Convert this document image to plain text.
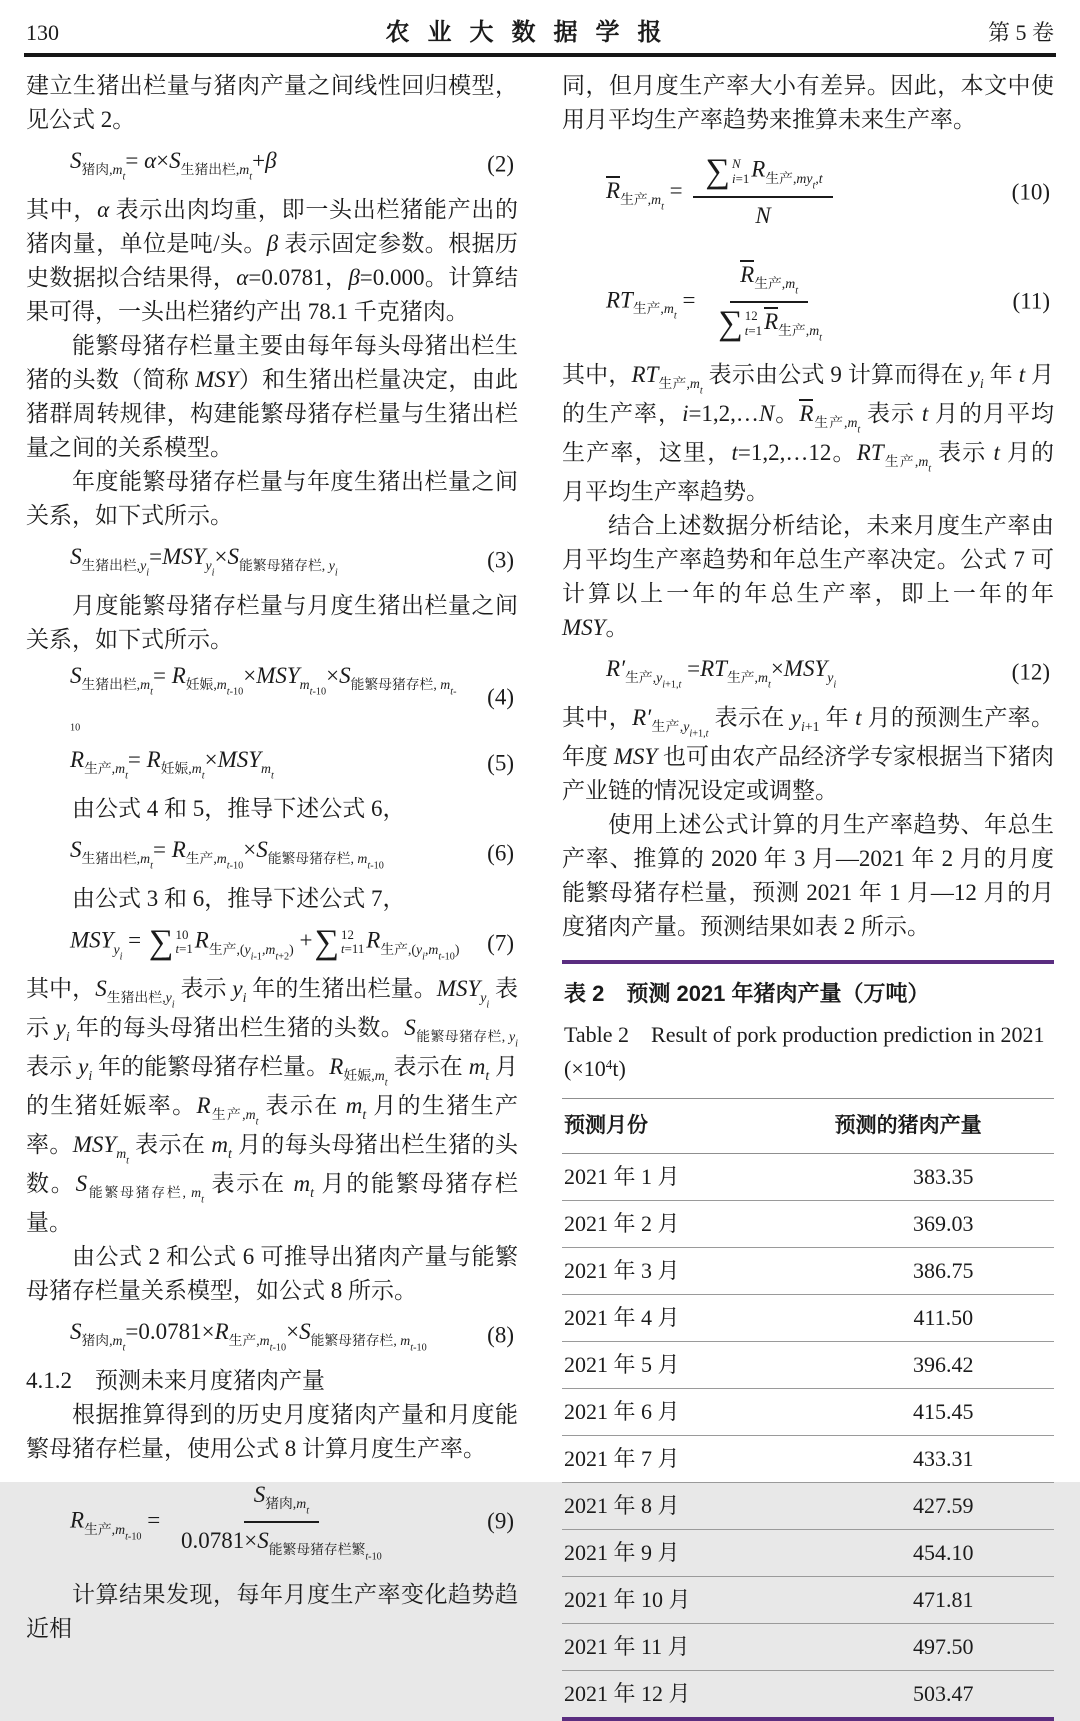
130	农业大数据学报	第 5 卷

建立生猪出栏量与猪肉产量之间线性回归模型，见公式 2。

$S_{猪肉,m_t}= \alpha\times S_{生猪出栏,m_t}+\beta$	(2)

其中，α 表示出肉均重，即一头出栏猪能产出的猪肉量，单位是吨/头。β 表示固定参数。根据历史数据拟合结果得，α=0.0781，β=0.000。计算结果可得，一头出栏猪约产出 78.1 千克猪肉。

能繁母猪存栏量主要由每年每头母猪出栏生猪的头数（简称 MSY）和生猪出栏量决定，由此猪群周转规律，构建能繁母猪存栏量与生猪出栏量之间的关系模型。

年度能繁母猪存栏量与年度生猪出栏量之间关系，如下式所示。

$S_{生猪出栏,y_i}=MSY_{y_i}\times S_{能繁母猪存栏, y_i}$
(3)

月度能繁母猪存栏量与月度生猪出栏量之间关系，如下式所示。

$S_{生猪出栏,m_t}= R_{妊娠,m_{t-10}}\times MSY_{m_{t-10}}\times S_{能繁母猪存栏, m_{t-10}}$
(4)
$R_{生产,m_t}= R_{妊娠,m_t}\times MSY_{m_t}$
(5)

由公式 4 和 5，推导下述公式 6，

$S_{生猪出栏,m_t}= R_{生产,m_{t-10}}\times S_{能繁母猪存栏, m_{t-10}}$
(6)

由公式 3 和 6，推导下述公式 7，

$MSY_{y_i}$ = ∑ 10
t=1 $R_{生产,(y_{i-1},m_{t+2})}$ + ∑ 12
t=11 $R_{生产,(y_i,m_{t-10})}$ (7)

其中，$S_{生猪出栏,y_i}$ 表示 $y_i$ 年的生猪出栏量。$MSY_{y_i}$ 表示 $y_i$ 年的每头母猪出栏生猪的头数。$S_{能繁母猪存栏, y_i}$ 表示 $y_i$ 年的能繁母猪存栏量。$R_{妊娠,m_t}$ 表示在 $m_t$ 月的生猪妊娠率。$R_{生产,m_t}$ 表示在 $m_t$ 月的生猪生产率。$MSY_{m_t}$ 表示在 $m_t$ 月的每头母猪出栏生猪的头数。$S_{能繁母猪存栏, m_t}$ 表示在 $m_t$ 月的能繁母猪存栏量。

由公式 2 和公式 6 可推导出猪肉产量与能繁母猪存栏量关系模型，如公式 8 所示。

$S_{猪肉,m_t}=0.0781\times R_{生产,m_{t-10}}\times S_{能繁母猪存栏, m_{t-10}}$
(8)

4.1.2　预测未来月度猪肉产量

根据推算得到的历史月度猪肉产量和月度能繁母猪存栏量，使用公式 8 计算月度生产率。

$R_{生产,m_{t-10}} = \frac{S_{猪肉,m_t}}{0.0781\times S_{能繁母猪存栏繁_{t-10}}}$	(9)

计算结果发现，每年月度生产率变化趋势趋近相

同，但月度生产率大小有差异。因此，本文中使用月平均生产率趋势来推算未来生产率。

$R_{生产,m_t}$ = ∑ N
i=1 $R_{生产,my_t,t}$
N	(10)
$RT_{生产,m_t} = R_{生产,m_t}$
∑ 12
t=1 $R_{生产,m_t}$	(11)

其中，$RT_{生产,m_t}$ 表示由公式 9 计算而得在 $y_i$ 年 t 月的生产率，i=1,2,…N。$R_{生产,m_t}$ 表示 t 月的月平均生产率，这里，t=1,2,…12。$RT_{生产,m_t}$ 表示 t 月的月平均生产率趋势。

结合上述数据分析结论，未来月度生产率由月平均生产率趋势和年总生产率决定。公式 7 可计算以上一年的年总生产率，即上一年的年 MSY。

$R'_{生产,y_{i+1,t}} =RT_{生产,m_t}\times MSY_{y_i}$
(12)

其中，$R'_{生产,y_{i+1,t}}$ 表示在 $y_{i+1}$ 年 t 月的预测生产率。年度 MSY 也可由农产品经济学专家根据当下猪肉产业链的情况设定或调整。

使用上述公式计算的月生产率趋势、年总生产率、推算的 2020 年 3 月—2021 年 2 月的月度能繁母猪存栏量，预测 2021 年 1 月—12 月的月度猪肉产量。预测结果如表 2 所示。

表 2　预测 2021 年猪肉产量（万吨）
Table 2　Result of pork production prediction in 2021 $(\times 10^4t)$
预测月份	预测的猪肉产量
2021 年 1 月	383.35
2021 年 2 月	369.03
2021 年 3 月	386.75
2021 年 4 月	411.50
2021 年 5 月	396.42
2021 年 6 月	415.45
2021 年 7 月	433.31
2021 年 8 月	427.59
2021 年 9 月	454.10
2021 年 10 月	471.81
2021 年 11 月	497.50
2021 年 12 月	503.47
